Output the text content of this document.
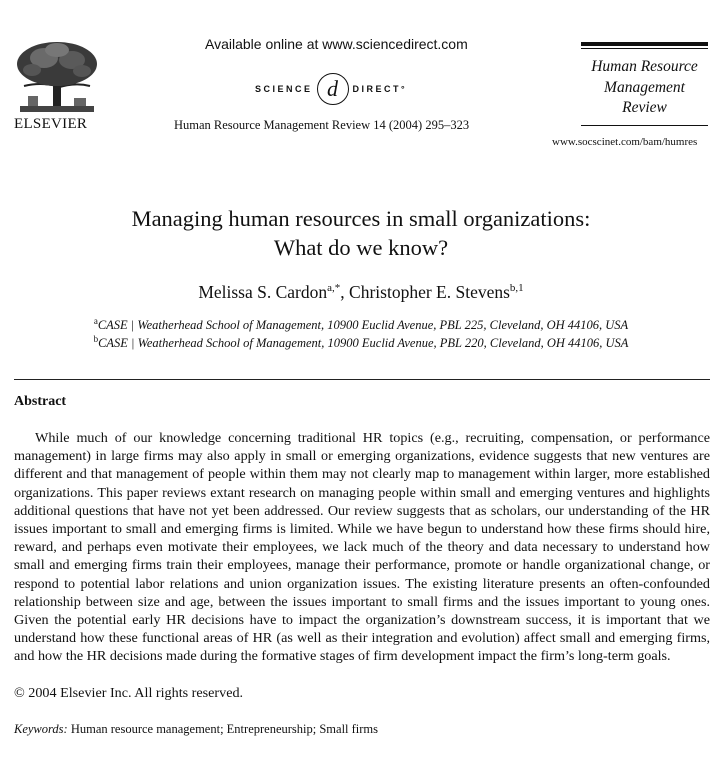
ELSEVIER
Available online at www.sciencedirect.com
SCIENCE d	DIRECT°
Human Resource Management Review 14 (2004) 295–323
Human Resource
Management
Review
www.socscinet.com/bam/humres
Managing human resources in small organizations:
What do we know?
Melissa S. Cardon$^{a,*}$, Christopher E. Stevens$^{b,1}$
$^a$CASE | Weatherhead School of Management, 10900 Euclid Avenue, PBL 225, Cleveland, OH 44106, USA
$^b$CASE | Weatherhead School of Management, 10900 Euclid Avenue, PBL 220, Cleveland, OH 44106, USA
Abstract
While much of our knowledge concerning traditional HR topics (e.g., recruiting, compensation, or performance management) in large firms may also apply in small or emerging organizations, evidence suggests that new ventures are different and that management of people within them may not clearly map to management within larger, more established organizations. This paper reviews extant research on managing people within small and emerging ventures and highlights additional questions that have not yet been addressed. Our review suggests that as scholars, our understanding of the HR issues important to small and emerging firms is limited. While we have begun to understand how these firms should hire, reward, and perhaps even motivate their employees, we lack much of the theory and data necessary to understand how small and emerging firms train their employees, manage their performance, promote or handle organizational change, or respond to potential labor relations and union organization issues. The existing literature presents an often-confounded relationship between size and age, between the issues important to small firms and the issues important to young ones. Given the potential early HR decisions have to impact the organization’s downstream success, it is important that we understand how these functional areas of HR (as well as their integration and evolution) affect small and emerging firms, and how the HR decisions made during the formative stages of firm development impact the firm’s long-term goals.
© 2004 Elsevier Inc. All rights reserved.
Keywords: Human resource management; Entrepreneurship; Small firms
